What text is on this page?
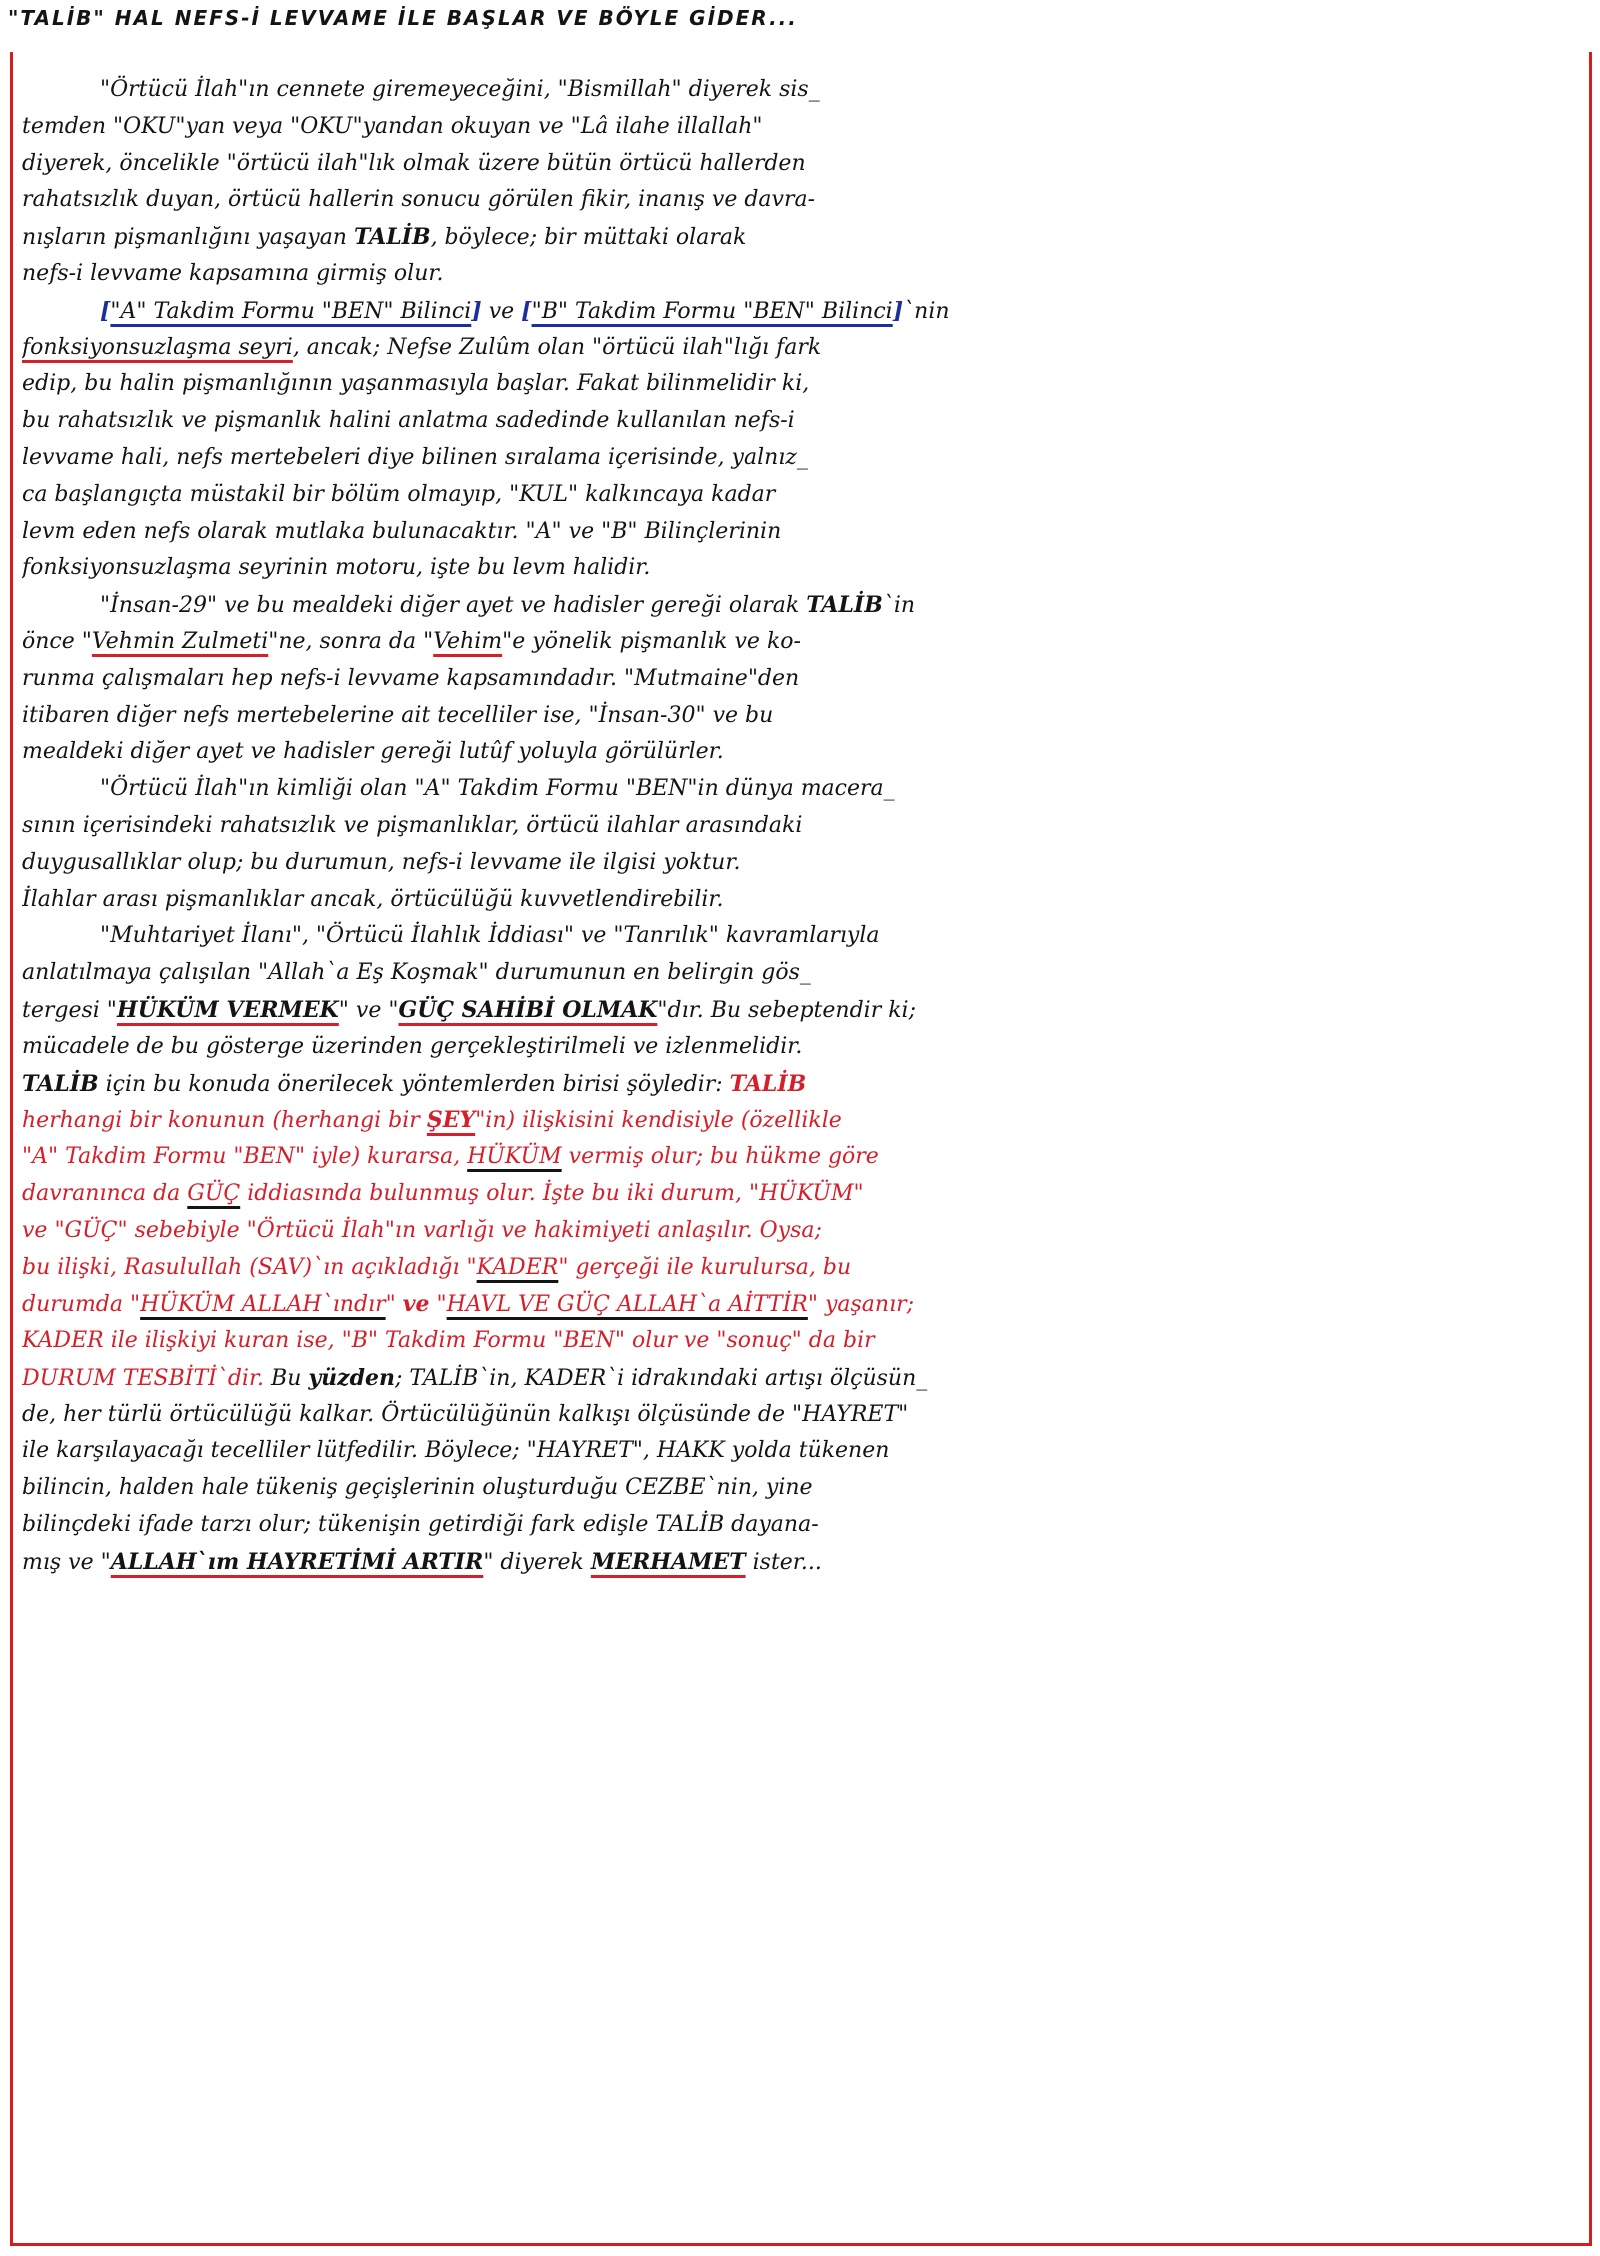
"TALİB" HAL NEFS-İ LEVVAME İLE BAŞLAR VE BÖYLE GİDER...
"Örtücü İlah"ın cennete giremeyeceğini, "Bismillah" diyerek sis_
temden "OKU"yan veya "OKU"yandan okuyan ve "Lâ ilahe illallah"
diyerek, öncelikle "örtücü ilah"lık olmak üzere bütün örtücü hallerden
rahatsızlık duyan, örtücü hallerin sonucu görülen fikir, inanış ve davra-
nışların pişmanlığını yaşayan TALİB, böylece; bir müttaki olarak
nefs-i levvame kapsamına girmiş olur.
["A" Takdim Formu "BEN" Bilinci] ve ["B" Takdim Formu "BEN" Bilinci]`nin
fonksiyonsuzlaşma seyri, ancak; Nefse Zulûm olan "örtücü ilah"lığı fark
edip, bu halin pişmanlığının yaşanmasıyla başlar. Fakat bilinmelidir ki,
bu rahatsızlık ve pişmanlık halini anlatma sadedinde kullanılan nefs-i
levvame hali, nefs mertebeleri diye bilinen sıralama içerisinde, yalnız_
ca başlangıçta müstakil bir bölüm olmayıp, "KUL" kalkıncaya kadar
levm eden nefs olarak mutlaka bulunacaktır. "A" ve "B" Bilinçlerinin
fonksiyonsuzlaşma seyrinin motoru, işte bu levm halidir.
"İnsan-29" ve bu mealdeki diğer ayet ve hadisler gereği olarak TALİB`in
önce "Vehmin Zulmeti"ne, sonra da "Vehim"e yönelik pişmanlık ve ko-
runma çalışmaları hep nefs-i levvame kapsamındadır. "Mutmaine"den
itibaren diğer nefs mertebelerine ait tecelliler ise, "İnsan-30" ve bu
mealdeki diğer ayet ve hadisler gereği lutûf yoluyla görülürler.
"Örtücü İlah"ın kimliği olan "A" Takdim Formu "BEN"in dünya macera_
sının içerisindeki rahatsızlık ve pişmanlıklar, örtücü ilahlar arasındaki
duygusallıklar olup; bu durumun, nefs-i levvame ile ilgisi yoktur.
İlahlar arası pişmanlıklar ancak, örtücülüğü kuvvetlendirebilir.
"Muhtariyet İlanı", "Örtücü İlahlık İddiası" ve "Tanrılık" kavramlarıyla
anlatılmaya çalışılan "Allah`a Eş Koşmak" durumunun en belirgin gös_
tergesi "HÜKÜM VERMEK" ve "GÜÇ SAHİBİ OLMAK"dır. Bu sebeptendir ki;
mücadele de bu gösterge üzerinden gerçekleştirilmeli ve izlenmelidir.
TALİB için bu konuda önerilecek yöntemlerden birisi şöyledir: TALİB
herhangi bir konunun (herhangi bir ŞEY"in) ilişkisini kendisiyle (özellikle
"A" Takdim Formu "BEN" iyle) kurarsa, HÜKÜM vermiş olur; bu hükme göre
davranınca da GÜÇ iddiasında bulunmuş olur. İşte bu iki durum, "HÜKÜM"
ve "GÜÇ" sebebiyle "Örtücü İlah"ın varlığı ve hakimiyeti anlaşılır. Oysa;
bu ilişki, Rasulullah (SAV)`ın açıkladığı "KADER" gerçeği ile kurulursa, bu
durumda "HÜKÜM ALLAH`ındır" ve "HAVL VE GÜÇ ALLAH`a AİTTİR" yaşanır;
KADER ile ilişkiyi kuran ise, "B" Takdim Formu "BEN" olur ve "sonuç" da bir
DURUM TESBİTİ`dir. Bu yüzden; TALİB`in, KADER`i idrakındaki artışı ölçüsün_
de, her türlü örtücülüğü kalkar. Örtücülüğünün kalkışı ölçüsünde de "HAYRET"
ile karşılayacağı tecelliler lütfedilir. Böylece; "HAYRET", HAKK yolda tükenen
bilincin, halden hale tükeniş geçişlerinin oluşturduğu CEZBE`nin, yine
bilinçdeki ifade tarzı olur; tükenişin getirdiği fark edişle TALİB dayana-
mış ve "ALLAH`ım HAYRETİMİ ARTIR" diyerek MERHAMET ister...
